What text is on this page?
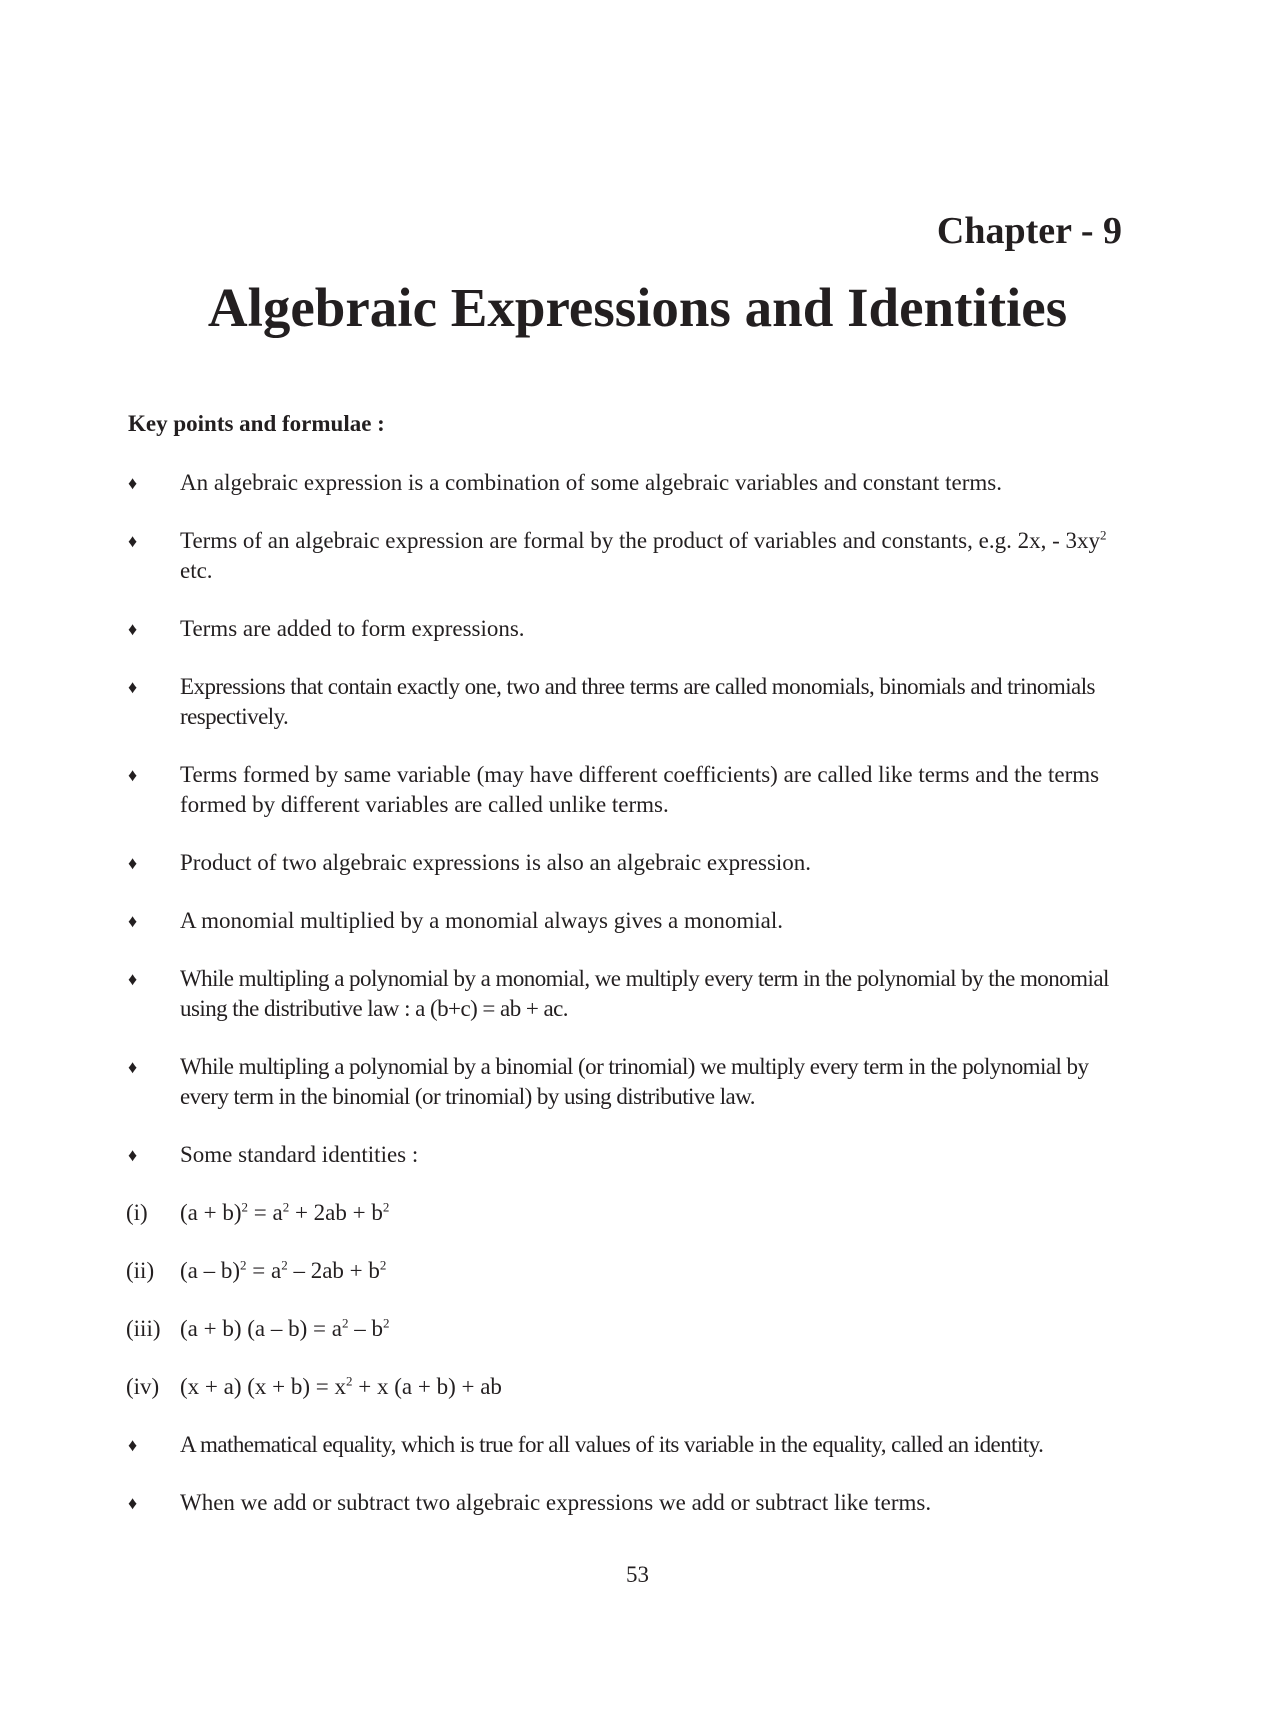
Chapter - 9
Algebraic Expressions and Identities
Key points and formulae :
♦ An algebraic expression is a combination of some algebraic variables and constant terms.
♦ Terms of an algebraic expression are formal by the product of variables and constants, e.g. 2x, - $3xy^2$
etc.
♦ Terms are added to form expressions.
♦ Expressions that contain exactly one, two and three terms are called monomials, binomials and trinomials respectively.
♦ Terms formed by same variable (may have different coefficients) are called like terms and the terms formed by different variables are called unlike terms.
♦ Product of two algebraic expressions is also an algebraic expression.
♦ A monomial multiplied by a monomial always gives a monomial.
♦ While multipling a polynomial by a monomial, we multiply every term in the polynomial by the monomial using the distributive law : a (b+c) = ab + ac.
♦ While multipling a polynomial by a binomial (or trinomial) we multiply every term in the polynomial by every term in the binomial (or trinomial) by using distributive law.
♦ Some standard identities :
(i) $(a + b)^2 = a^2 + 2ab + b^2$
(ii) $(a - b)^2 = a^2 - 2ab + b^2$
(iii) (a + b) $(a - b) = a^2 - b^2$
(iv) (x + a) $(x + b) = x^2 + x$ (a + b) + ab
♦ A mathematical equality, which is true for all values of its variable in the equality, called an identity.
♦ When we add or subtract two algebraic expressions we add or subtract like terms.

53
